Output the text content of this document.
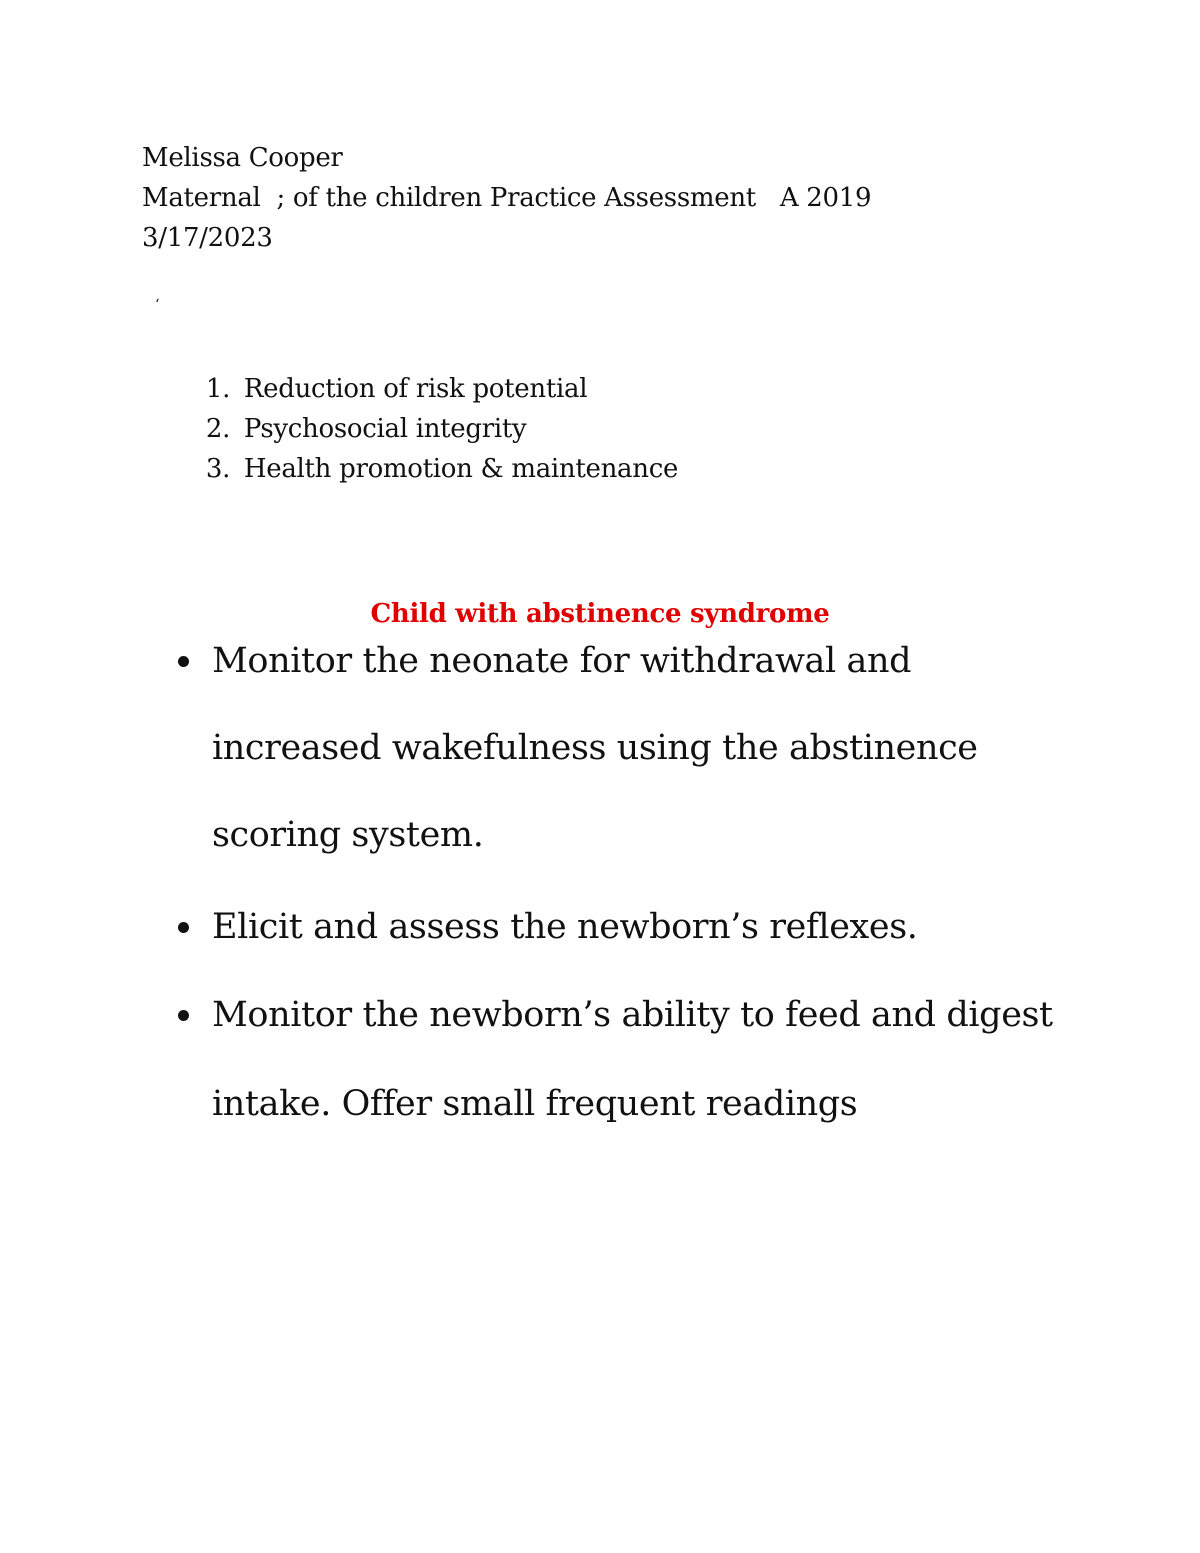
Melissa Cooper
Maternal  ; of the children Practice Assessment   A 2019
3/17/2023
‘

1. Reduction of risk potential

2. Psychosocial integrity

3. Health promotion & maintenance

Child with abstinence syndrome
Monitor the neonate for withdrawal and
increased wakefulness using the abstinence
scoring system.
Elicit and assess the newborn’s reflexes.
Monitor the newborn’s ability to feed and digest
intake. Offer small frequent readings
